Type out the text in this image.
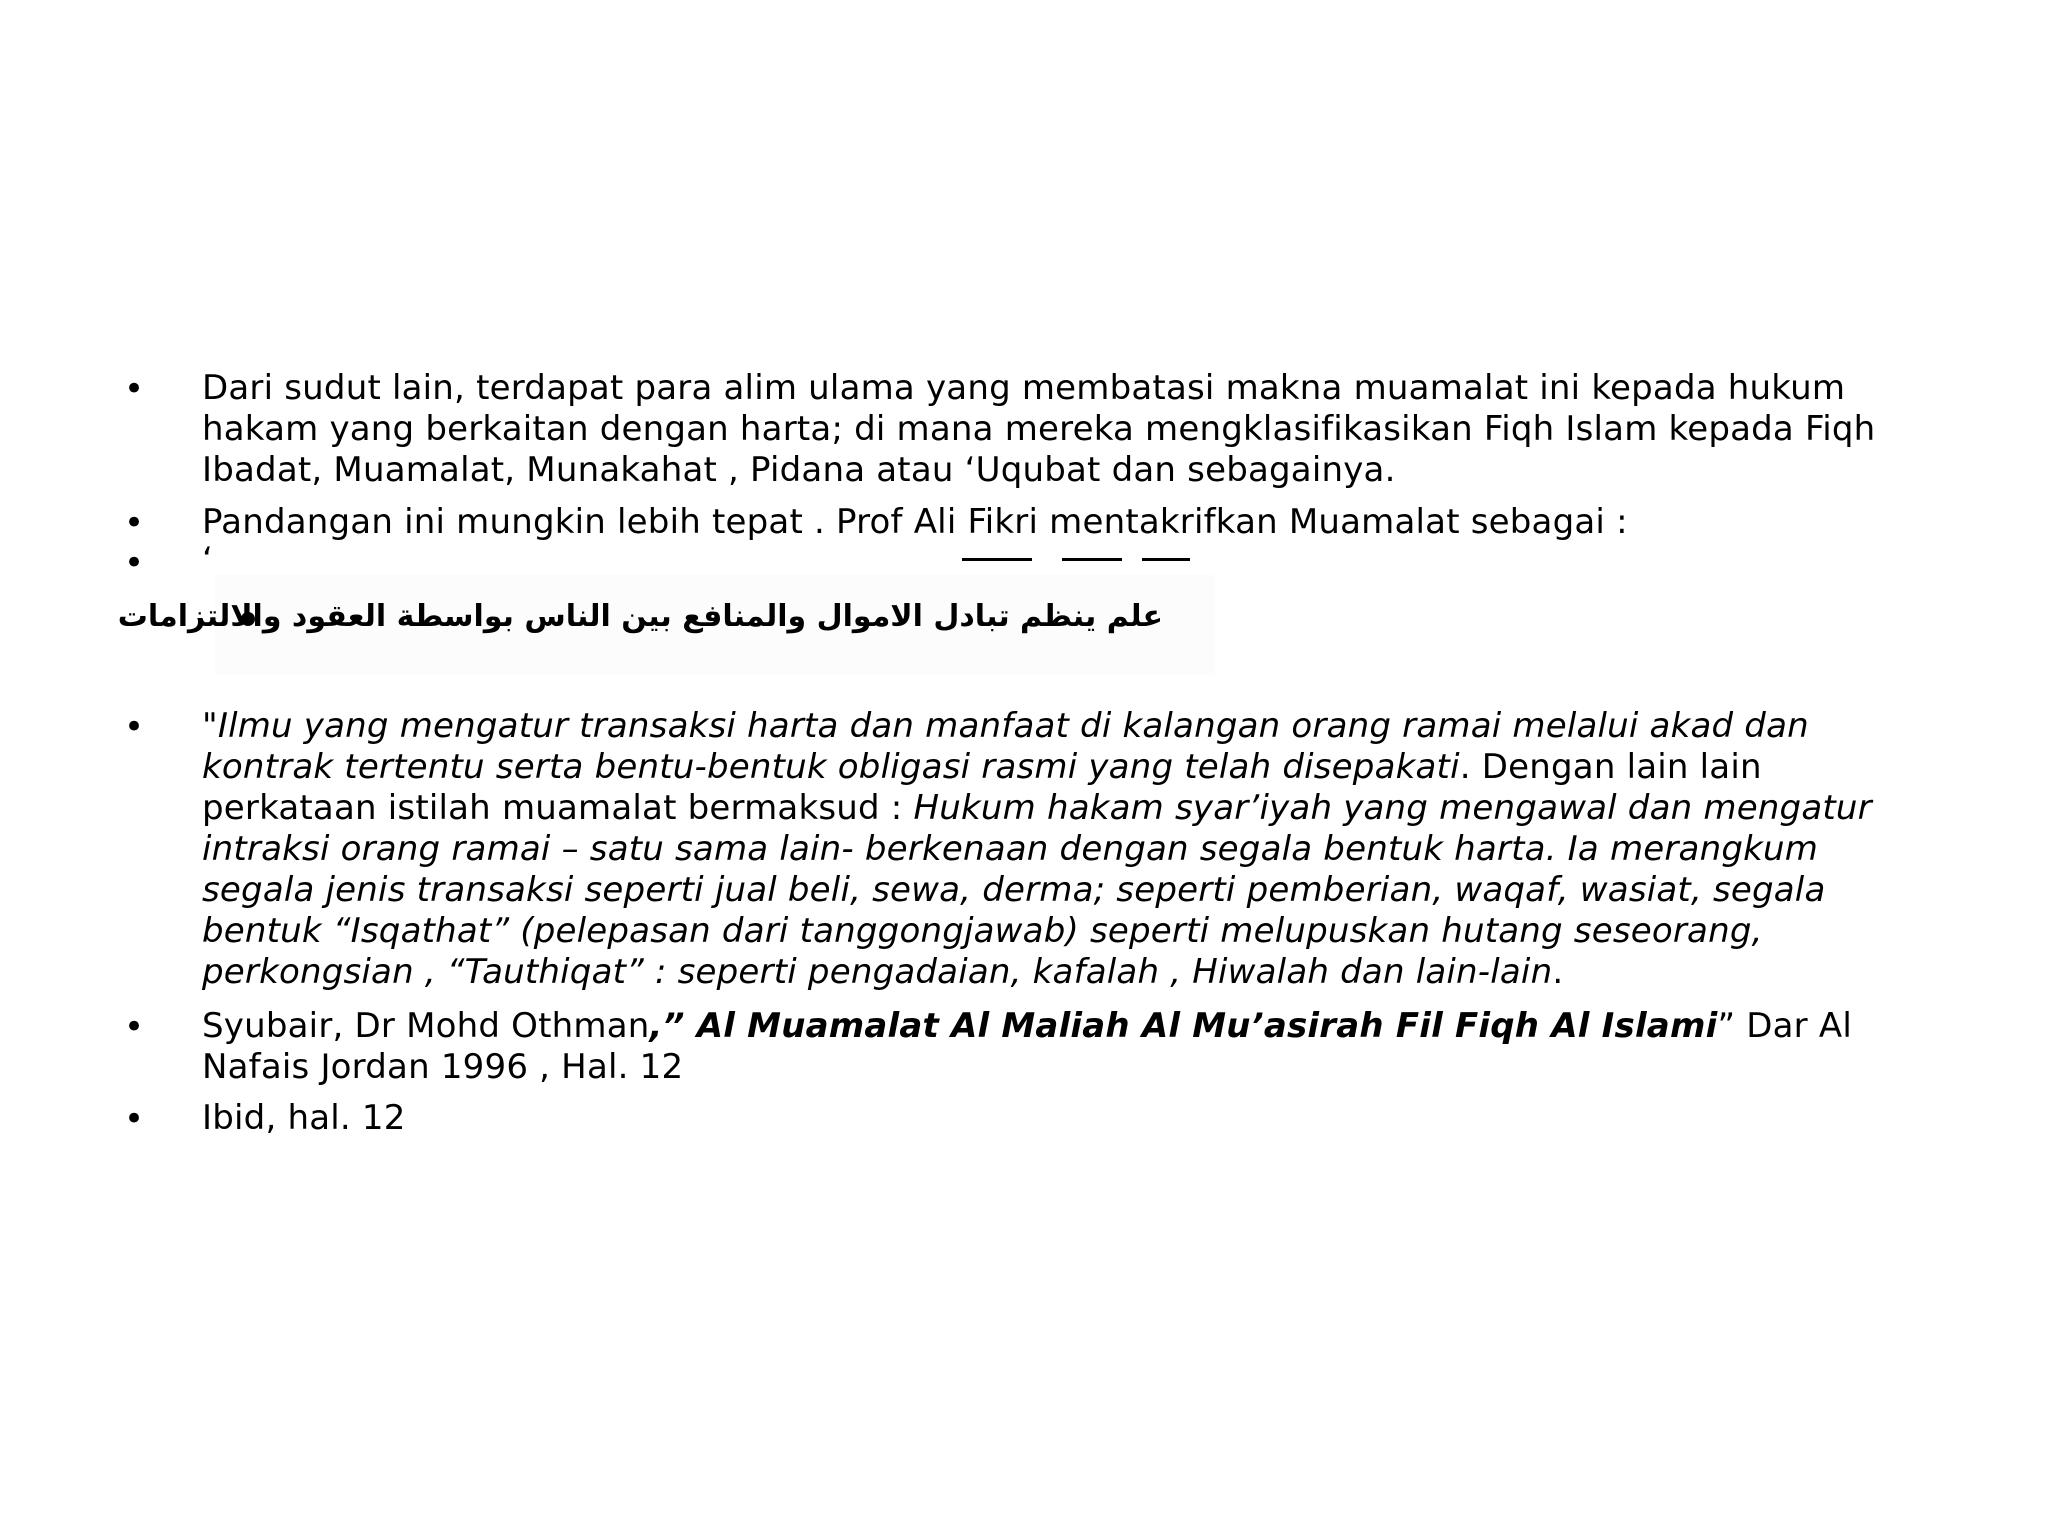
• Dari sudut lain, terdapat para alim ulama yang membatasi makna muamalat ini kepada hukum hakam yang berkaitan dengan harta; di mana mereka mengklasifikasikan Fiqh Islam kepada Fiqh Ibadat, Muamalat, Munakahat , Pidana atau ‘Uqubat dan sebagainya.
• Pandangan ini mungkin lebih tepat . Prof Ali Fikri mentakrifkan Muamalat sebagai :
• ‘
علم ينظم تبادل الاموال والمنافع بين الناس بواسطة العقود والالتزامات
• "Ilmu yang mengatur transaksi harta dan manfaat di kalangan orang ramai melalui akad dan kontrak tertentu serta bentu-bentuk obligasi rasmi yang telah disepakati. Dengan lain lain perkataan istilah muamalat bermaksud : Hukum hakam syar’iyah yang mengawal dan mengatur intraksi orang ramai – satu sama lain- berkenaan dengan segala bentuk harta. Ia merangkum segala jenis transaksi seperti jual beli, sewa, derma; seperti pemberian, waqaf, wasiat, segala bentuk “Isqathat” (pelepasan dari tanggongjawab) seperti melupuskan hutang seseorang, perkongsian , “Tauthiqat” : seperti pengadaian, kafalah , Hiwalah dan lain-lain.
• Syubair, Dr Mohd Othman,” Al Muamalat Al Maliah Al Mu’asirah Fil Fiqh Al Islami” Dar Al Nafais Jordan 1996 , Hal. 12
• Ibid, hal. 12
